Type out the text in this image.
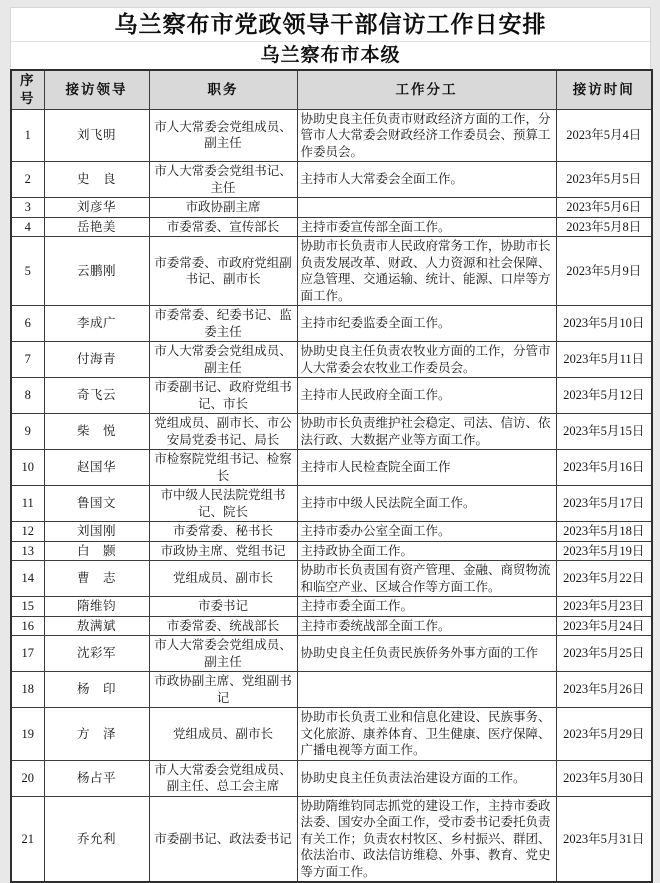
乌兰察布市党政领导干部信访工作日安排
乌兰察布市本级
序号	接访领导	职务	工作分工	接访时间
1	刘飞明	市人大常委会党组成员、副主任	协助史良主任负责市财政经济方面的工作，分管市人大常委会财政经济工作委员会、预算工作委员会。	2023年5月4日
2	史　良	市人大常委会党组书记、主任	主持市人大常委会全面工作。	2023年5月5日
3	刘彦华	市政协副主席		2023年5月6日
4	岳艳美	市委常委、宣传部长	主持市委宣传部全面工作。	2023年5月8日
5	云鹏刚	市委常委、市政府党组副书记、副市长	协助市长负责市人民政府常务工作，协助市长负责发展改革、财政、人力资源和社会保障、应急管理、交通运输、统计、能源、口岸等方面工作。	2023年5月9日
6	李成广	市委常委、纪委书记、监委主任	主持市纪委监委全面工作。	2023年5月10日
7	付海青	市人大常委会党组成员、副主任	协助史良主任负责农牧业方面的工作，分管市人大常委会农牧业工作委员会。	2023年5月11日
8	奇飞云	市委副书记、政府党组书记、市长	主持市人民政府全面工作。	2023年5月12日
9	柴　悦	党组成员、副市长、市公安局党委书记、局长	协助市长负责维护社会稳定、司法、信访、依法行政、大数据产业等方面工作。	2023年5月15日
10	赵国华	市检察院党组书记、检察长	主持市人民检查院全面工作	2023年5月16日
11	鲁国文	市中级人民法院党组书记、院长	主持市中级人民法院全面工作。	2023年5月17日
12	刘国刚	市委常委、秘书长	主持市委办公室全面工作。	2023年5月18日
13	白　颢	市政协主席、党组书记	主持政协全面工作。	2023年5月19日
14	曹　志	党组成员、副市长	协助市长负责国有资产管理、金融、商贸物流和临空产业、区域合作等方面工作。	2023年5月22日
15	隋维钧	市委书记	主持市委全面工作。	2023年5月23日
16	敖满斌	市委常委、统战部长	主持市委统战部全面工作。	2023年5月24日
17	沈彩军	市人大常委会党组成员、副主任	协助史良主任负责民族侨务外事方面的工作	2023年5月25日
18	杨　印	市政协副主席、党组副书记		2023年5月26日
19	方　泽	党组成员、副市长	协助市长负责工业和信息化建设、民族事务、文化旅游、康养体育、卫生健康、医疗保障、广播电视等方面工作。	2023年5月29日
20	杨占平	市人大常委会党组成员、副主任、总工会主席	协助史良主任负责法治建设方面的工作。	2023年5月30日
21	乔允利	市委副书记、政法委书记	协助隋维钧同志抓党的建设工作，主持市委政法委、国安办全面工作，受市委书记委托负责有关工作；负责农村牧区、乡村振兴、群团、依法治市、政法信访维稳、外事、教育、党史等方面工作。	2023年5月31日
